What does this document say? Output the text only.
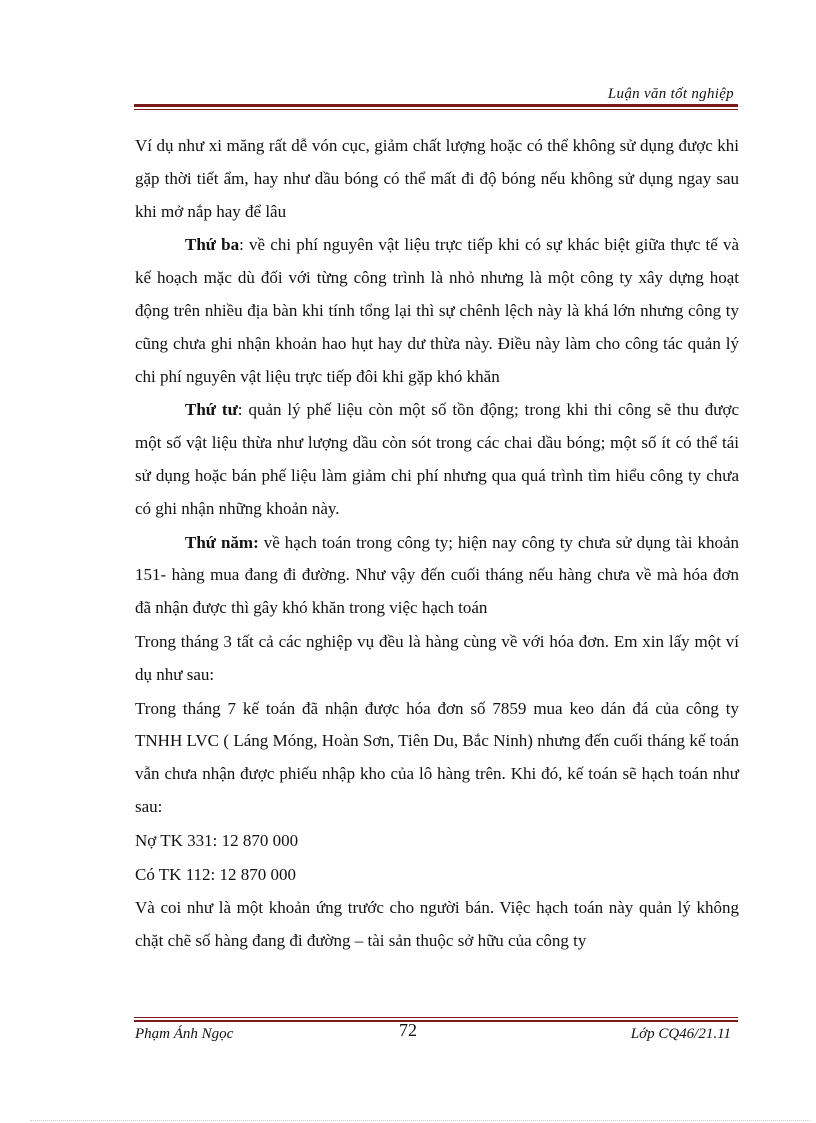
Luận văn tốt nghiệp

Ví dụ như xi măng rất dễ vón cục, giảm chất lượng hoặc có thể không sử dụng được khi gặp thời tiết ẩm, hay như dầu bóng có thể mất đi độ bóng nếu không sử dụng ngay sau khi mở nắp hay để lâu

Thứ ba: về chi phí nguyên vật liệu trực tiếp khi có sự khác biệt giữa thực tế và kế hoạch mặc dù đối với từng công trình là nhỏ nhưng là một công ty xây dựng hoạt động trên nhiều địa bàn khi tính tổng lại thì sự chênh lệch này là khá lớn nhưng công ty cũng chưa ghi nhận khoản hao hụt hay dư thừa này. Điều này làm cho công tác quản lý chi phí nguyên vật liệu trực tiếp đôi khi gặp khó khăn

Thứ tư: quản lý phế liệu còn một số tồn động; trong khi thi công sẽ thu được một số vật liệu thừa như lượng dầu còn sót trong các chai dầu bóng; một số ít có thể tái sử dụng hoặc bán phế liệu làm giảm chi phí nhưng qua quá trình tìm hiểu công ty chưa có ghi nhận những khoản này.

Thứ năm: về hạch toán trong công ty; hiện nay công ty chưa sử dụng tài khoản 151- hàng mua đang đi đường. Như vậy đến cuối tháng nếu hàng chưa về mà hóa đơn đã nhận được thì gây khó khăn trong việc hạch toán

Trong tháng 3 tất cả các nghiệp vụ đều là hàng cùng về với hóa đơn. Em xin lấy một ví dụ như sau:

Trong tháng 7 kế toán đã nhận được hóa đơn số 7859 mua keo dán đá của công ty TNHH LVC ( Láng Móng, Hoàn Sơn, Tiên Du, Bắc Ninh) nhưng đến cuối tháng kế toán vẫn chưa nhận được phiếu nhập kho của lô hàng trên. Khi đó, kế toán sẽ hạch toán như sau:

Nợ TK 331: 12 870 000

Có TK 112: 12 870 000

Và coi như là một khoản ứng trước cho người bán. Việc hạch toán này quản lý không chặt chẽ số hàng đang đi đường – tài sản thuộc sở hữu của công ty

Phạm Ánh Ngọc	72	Lớp CQ46/21.11
